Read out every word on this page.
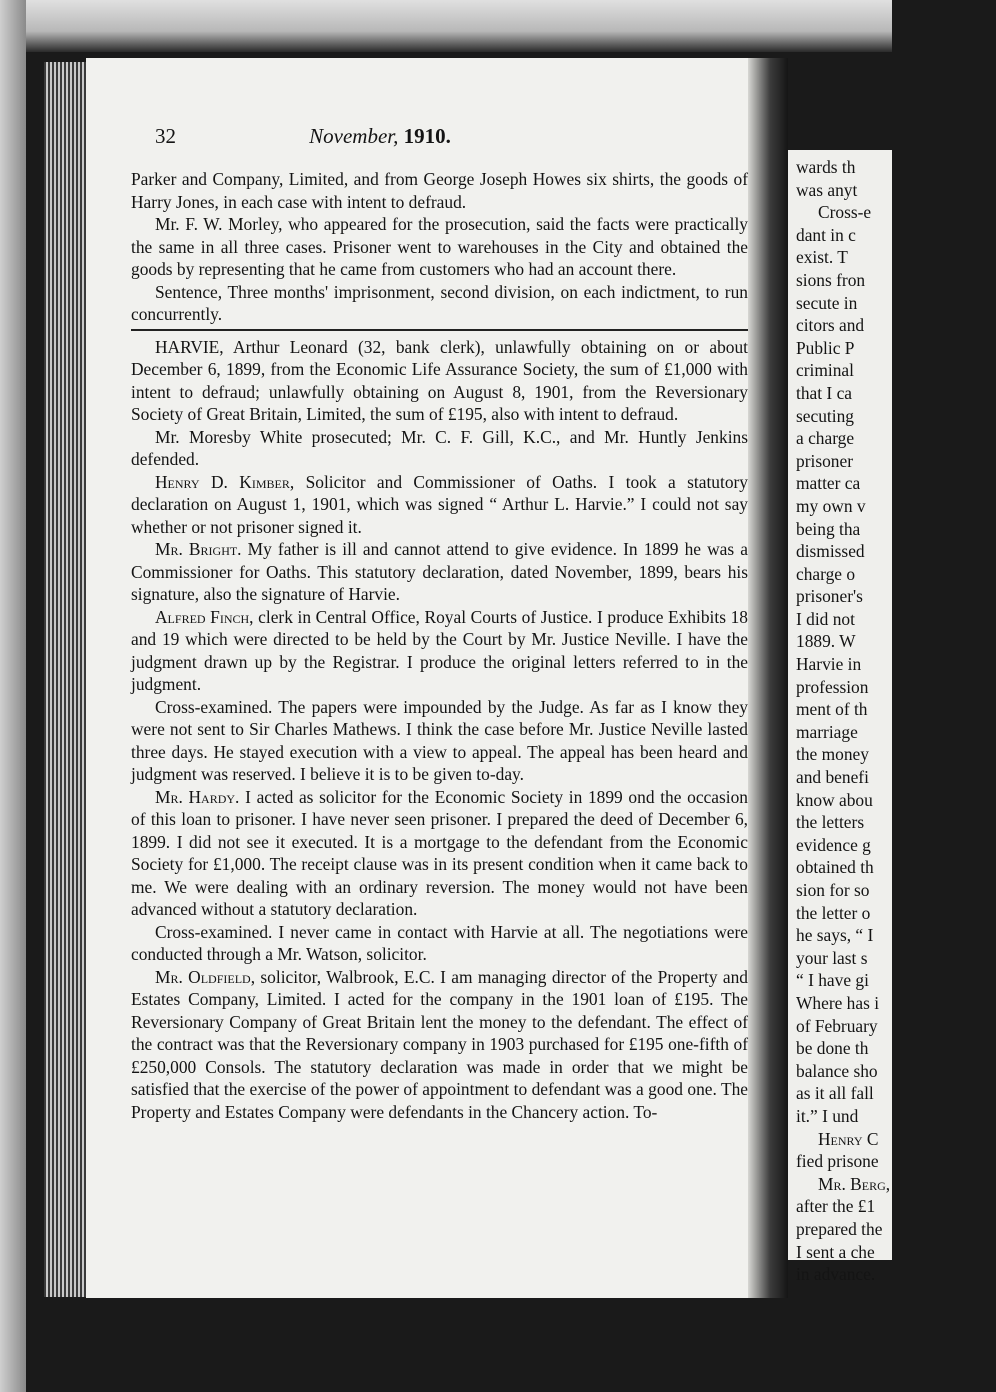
32	November, 1910.

Parker and Company, Limited, and from George Joseph Howes six shirts, the goods of Harry Jones, in each case with intent to defraud.

Mr. F. W. Morley, who appeared for the prosecution, said the facts were practically the same in all three cases. Prisoner went to warehouses in the City and obtained the goods by representing that he came from customers who had an account there.

Sentence, Three months' imprisonment, second division, on each indictment, to run concurrently.

HARVIE, Arthur Leonard (32, bank clerk), unlawfully obtaining on or about December 6, 1899, from the Economic Life Assurance Society, the sum of £1,000 with intent to defraud; unlawfully obtaining on August 8, 1901, from the Reversionary Society of Great Britain, Limited, the sum of £195, also with intent to defraud.

Mr. Moresby White prosecuted; Mr. C. F. Gill, K.C., and Mr. Huntly Jenkins defended.

Henry D. Kimber, Solicitor and Commissioner of Oaths. I took a statutory declaration on August 1, 1901, which was signed “ Arthur L. Harvie.” I could not say whether or not prisoner signed it.

Mr. Bright. My father is ill and cannot attend to give evidence. In 1899 he was a Commissioner for Oaths. This statutory declaration, dated November, 1899, bears his signature, also the signature of Harvie.

Alfred Finch, clerk in Central Office, Royal Courts of Justice. I produce Exhibits 18 and 19 which were directed to be held by the Court by Mr. Justice Neville. I have the judgment drawn up by the Registrar. I produce the original letters referred to in the judgment.

Cross-examined. The papers were impounded by the Judge. As far as I know they were not sent to Sir Charles Mathews. I think the case before Mr. Justice Neville lasted three days. He stayed execution with a view to appeal. The appeal has been heard and judgment was reserved. I believe it is to be given to-day.

Mr. Hardy. I acted as solicitor for the Economic Society in 1899 ond the occasion of this loan to prisoner. I have never seen prisoner. I prepared the deed of December 6, 1899. I did not see it executed. It is a mortgage to the defendant from the Economic Society for £1,000. The receipt clause was in its present condition when it came back to me. We were dealing with an ordinary reversion. The money would not have been advanced without a statutory declaration.

Cross-examined. I never came in contact with Harvie at all. The negotiations were conducted through a Mr. Watson, solicitor.

Mr. Oldfield, solicitor, Walbrook, E.C. I am managing director of the Property and Estates Company, Limited. I acted for the company in the 1901 loan of £195. The Reversionary Company of Great Britain lent the money to the defendant. The effect of the contract was that the Reversionary company in 1903 purchased for £195 one-fifth of £250,000 Consols. The statutory declaration was made in order that we might be satisfied that the exercise of the power of appointment to defendant was a good one. The Property and Estates Company were defendants in the Chancery action. To-

wards th
was anyt
Cross-e
dant in c
exist. T
sions fron
secute in
citors and
Public P
criminal
that I ca
secuting
a charge
prisoner
matter ca
my own v
being tha
dismissed
charge o
prisoner's
I did not
1889. W
Harvie in
profession
ment of th
marriage
the money
and benefi
know abou
the letters
evidence g
obtained th
sion for so
the letter o
he says, “ I
your last s
“ I have gi
Where has i
of February
be done th
balance sho
as it all fall
it.” I und
Henry C
fied prisone
Mr. Berg,
after the £1
prepared the
I sent a che
in advance.
